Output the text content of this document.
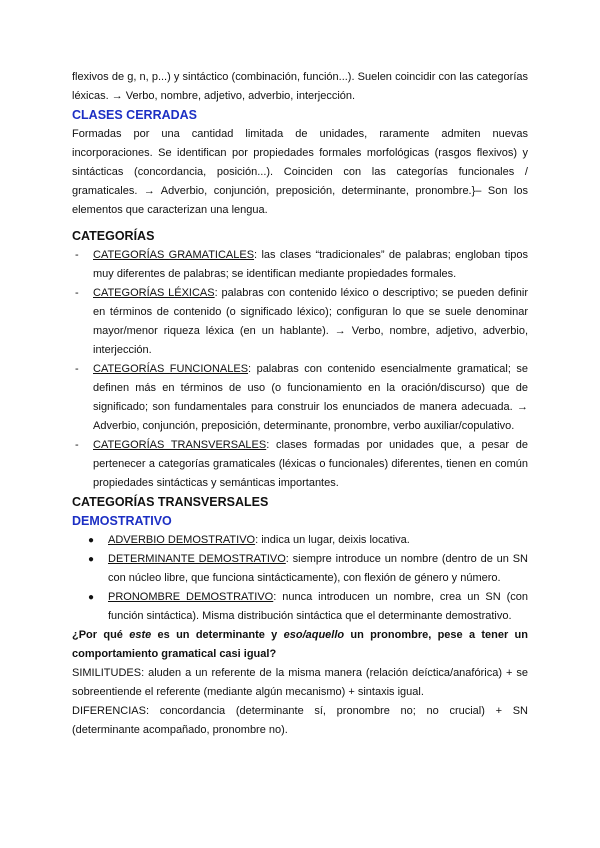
flexivos de g, n, p...) y sintáctico (combinación, función...). Suelen coincidir con las categorías léxicas. → Verbo, nombre, adjetivo, adverbio, interjección.

CLASES CERRADAS

Formadas por una cantidad limitada de unidades, raramente admiten nuevas incorporaciones. Se identifican por propiedades formales morfológicas (rasgos flexivos) y sintácticas (concordancia, posición...). Coinciden con las categorías funcionales / gramaticales. → Adverbio, conjunción, preposición, determinante, pronombre.}– Son los elementos que caracterizan una lengua.

CATEGORÍAS
- CATEGORÍAS GRAMATICALES: las clases “tradicionales” de palabras; engloban tipos muy diferentes de palabras; se identifican mediante propiedades formales.
- CATEGORÍAS LÉXICAS: palabras con contenido léxico o descriptivo; se pueden definir en términos de contenido (o significado léxico); configuran lo que se suele denominar mayor/menor riqueza léxica (en un hablante). → Verbo, nombre, adjetivo, adverbio, interjección.
- CATEGORÍAS FUNCIONALES: palabras con contenido esencialmente gramatical; se definen más en términos de uso (o funcionamiento en la oración/discurso) que de significado; son fundamentales para construir los enunciados de manera adecuada. → Adverbio, conjunción, preposición, determinante, pronombre, verbo auxiliar/copulativo.
- CATEGORÍAS TRANSVERSALES: clases formadas por unidades que, a pesar de pertenecer a categorías gramaticales (léxicas o funcionales) diferentes, tienen en común propiedades sintácticas y semánticas importantes.
CATEGORÍAS TRANSVERSALES
DEMOSTRATIVO
● ADVERBIO DEMOSTRATIVO: indica un lugar, deixis locativa.
● DETERMINANTE DEMOSTRATIVO: siempre introduce un nombre (dentro de un SN con núcleo libre, que funciona sintácticamente), con flexión de género y número.
● PRONOMBRE DEMOSTRATIVO: nunca introducen un nombre, crea un SN (con función sintáctica). Misma distribución sintáctica que el determinante demostrativo.

¿Por qué este es un determinante y eso/aquello un pronombre, pese a tener un comportamiento gramatical casi igual?

SIMILITUDES: aluden a un referente de la misma manera (relación deíctica/anafórica) + se sobreentiende el referente (mediante algún mecanismo) + sintaxis igual.

DIFERENCIAS: concordancia (determinante sí, pronombre no; no crucial) + SN (determinante acompañado, pronombre no).
